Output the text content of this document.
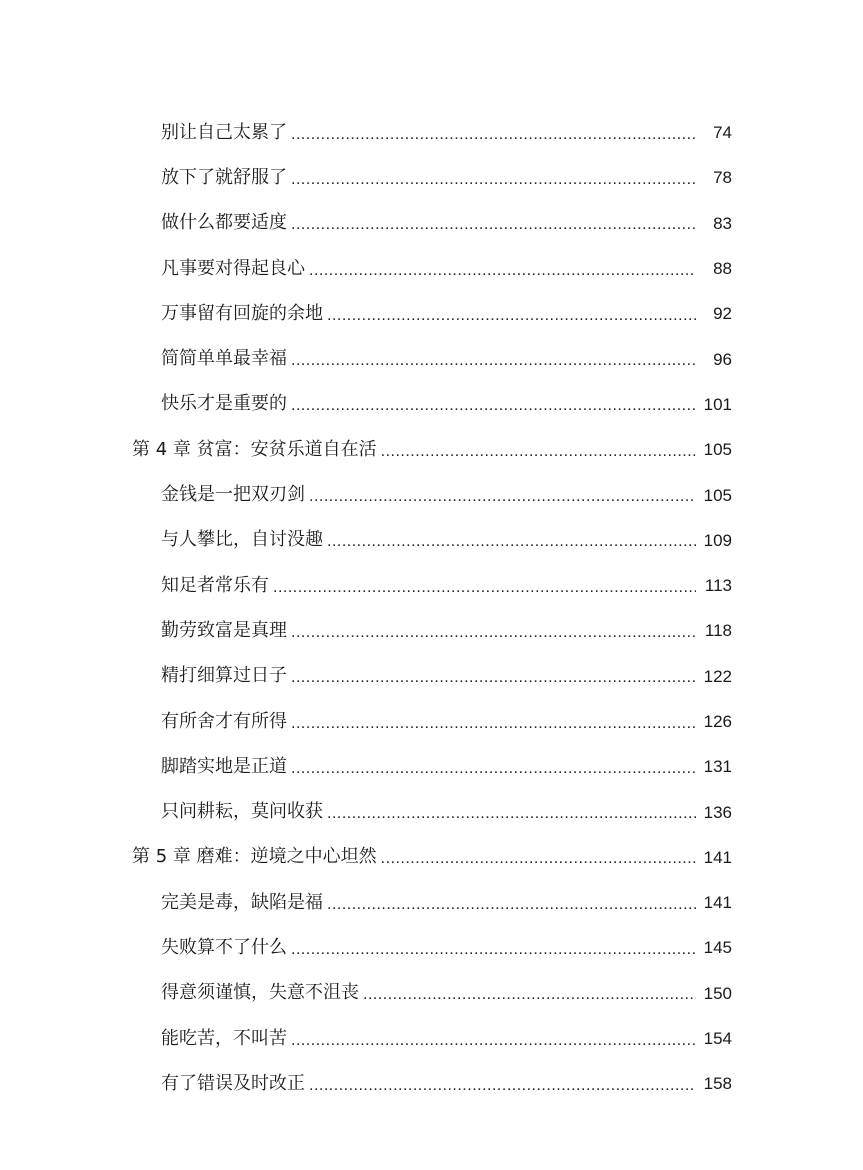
别让自己太累了 .....	74
放下了就舒服了 .....	78
做什么都要适度 .....	83
凡事要对得起良心 .....	88
万事留有回旋的余地 .....	92
简简单单最幸福 .....	96
快乐才是重要的 .....	101
第 4 章 贫富：安贫乐道自在活 .....	105
金钱是一把双刃剑 .....	105
与人攀比，自讨没趣 .....	109
知足者常乐有 .....	113
勤劳致富是真理 .....	118
精打细算过日子 .....	122
有所舍才有所得 .....	126
脚踏实地是正道 .....	131
只问耕耘，莫问收获 .....	136
第 5 章 磨难：逆境之中心坦然 .....	141
完美是毒，缺陷是福 .....	141
失败算不了什么 .....	145
得意须谨慎，失意不沮丧 .....	150
能吃苦，不叫苦 .....	154
有了错误及时改正 .....	158
